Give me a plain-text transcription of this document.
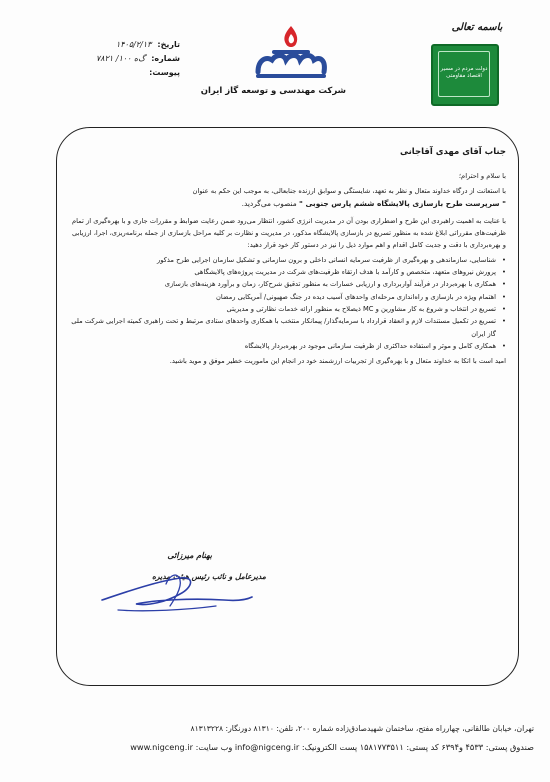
تاریخ:
۱۴۰۵/۲/۱۳
شماره:
گ‌ه ۱۰۰/ ۷۸۲۱
پیوست:
شرکت مهندسی و توسعه گاز ایران
باسمه تعالی
دولت مردم در مسیر اقتصاد مقاومتی

جناب آقای مهدی آقاجانی

با سلام و احترام؛

با استعانت از درگاه خداوند متعال و نظر به تعهد، شایستگی و سوابق ارزنده جنابعالی، به موجب این حکم به عنوان

" سرپرست طرح بازسازی پالایشگاه ششم پارس جنوبی " منصوب می‌گردید.

با عنایت به اهمیت راهبردی این طرح و اضطراری بودن آن در مدیریت انرژی کشور، انتظار می‌رود ضمن رعایت ضوابط و مقررات جاری و با بهره‌گیری از تمام ظرفیت‌های مقرراتی ابلاغ شده به منظور تسریع در بازسازی پالایشگاه مذکور، در مدیریت و نظارت بر کلیه مراحل بازسازی از جمله برنامه‌ریزی، اجرا، ارزیابی و بهره‌برداری با دقت و جدیت کامل اقدام و اهم موارد ذیل را نیز در دستور کار خود قرار دهید:

•
شناسایی، سازماندهی و بهره‌گیری از ظرفیت سرمایه انسانی داخلی و برون سازمانی و تشکیل سازمان اجرایی طرح مذکور
•
پرورش نیروهای متعهد، متخصص و کارآمد با هدف ارتقاء ظرفیت‌های شرکت در مدیریت پروژه‌های پالایشگاهی
•
همکاری با بهره‌بردار در فرآیند آواربرداری و ارزیابی خسارات به منظور تدقیق شرح‌کار، زمان و برآورد هزینه‌های بازسازی
•
اهتمام ویژه در بازسازی و راه‌اندازی مرحله‌ای واحدهای آسیب دیده در جنگ صهیونی/ آمریکایی رمضان
•
تسریع در انتخاب و شروع به کار مشاورین و MC ذیصلاح به منظور ارائه خدمات نظارتی و مدیریتی
•
تسریع در تکمیل مستندات لازم و انعقاد قرارداد با سرمایه‌گذار/ پیمانکار منتخب با همکاری واحدهای ستادی مرتبط و تحت راهبری کمیته اجرایی شرکت ملی گاز ایران
•
همکاری کامل و موثر و استفاده حداکثری از ظرفیت سازمانی موجود در بهره‌بردار پالایشگاه

امید است با اتکا به خداوند متعال و با بهره‌گیری از تجربیات ارزشمند خود در انجام این ماموریت خطیر موفق و موید باشید.

بهنام میرزائی
مدیرعامل و نائب رئیس هیئت مدیره
تهران، خیابان طالقانی، چهارراه مفتح، ساختمان شهیدصادق‌زاده شماره ۲۰۰، تلفن: ۸۱۳۱۰ دورنگار: ۸۱۳۱۳۲۲۸
صندوق پستی: ۴۵۳۳ و۶۳۹۴ کد پستی: ۱۵۸۱۷۷۳۵۱۱ پست الکترونیک: info@nigceng.ir وب سایت: www.nigceng.ir
